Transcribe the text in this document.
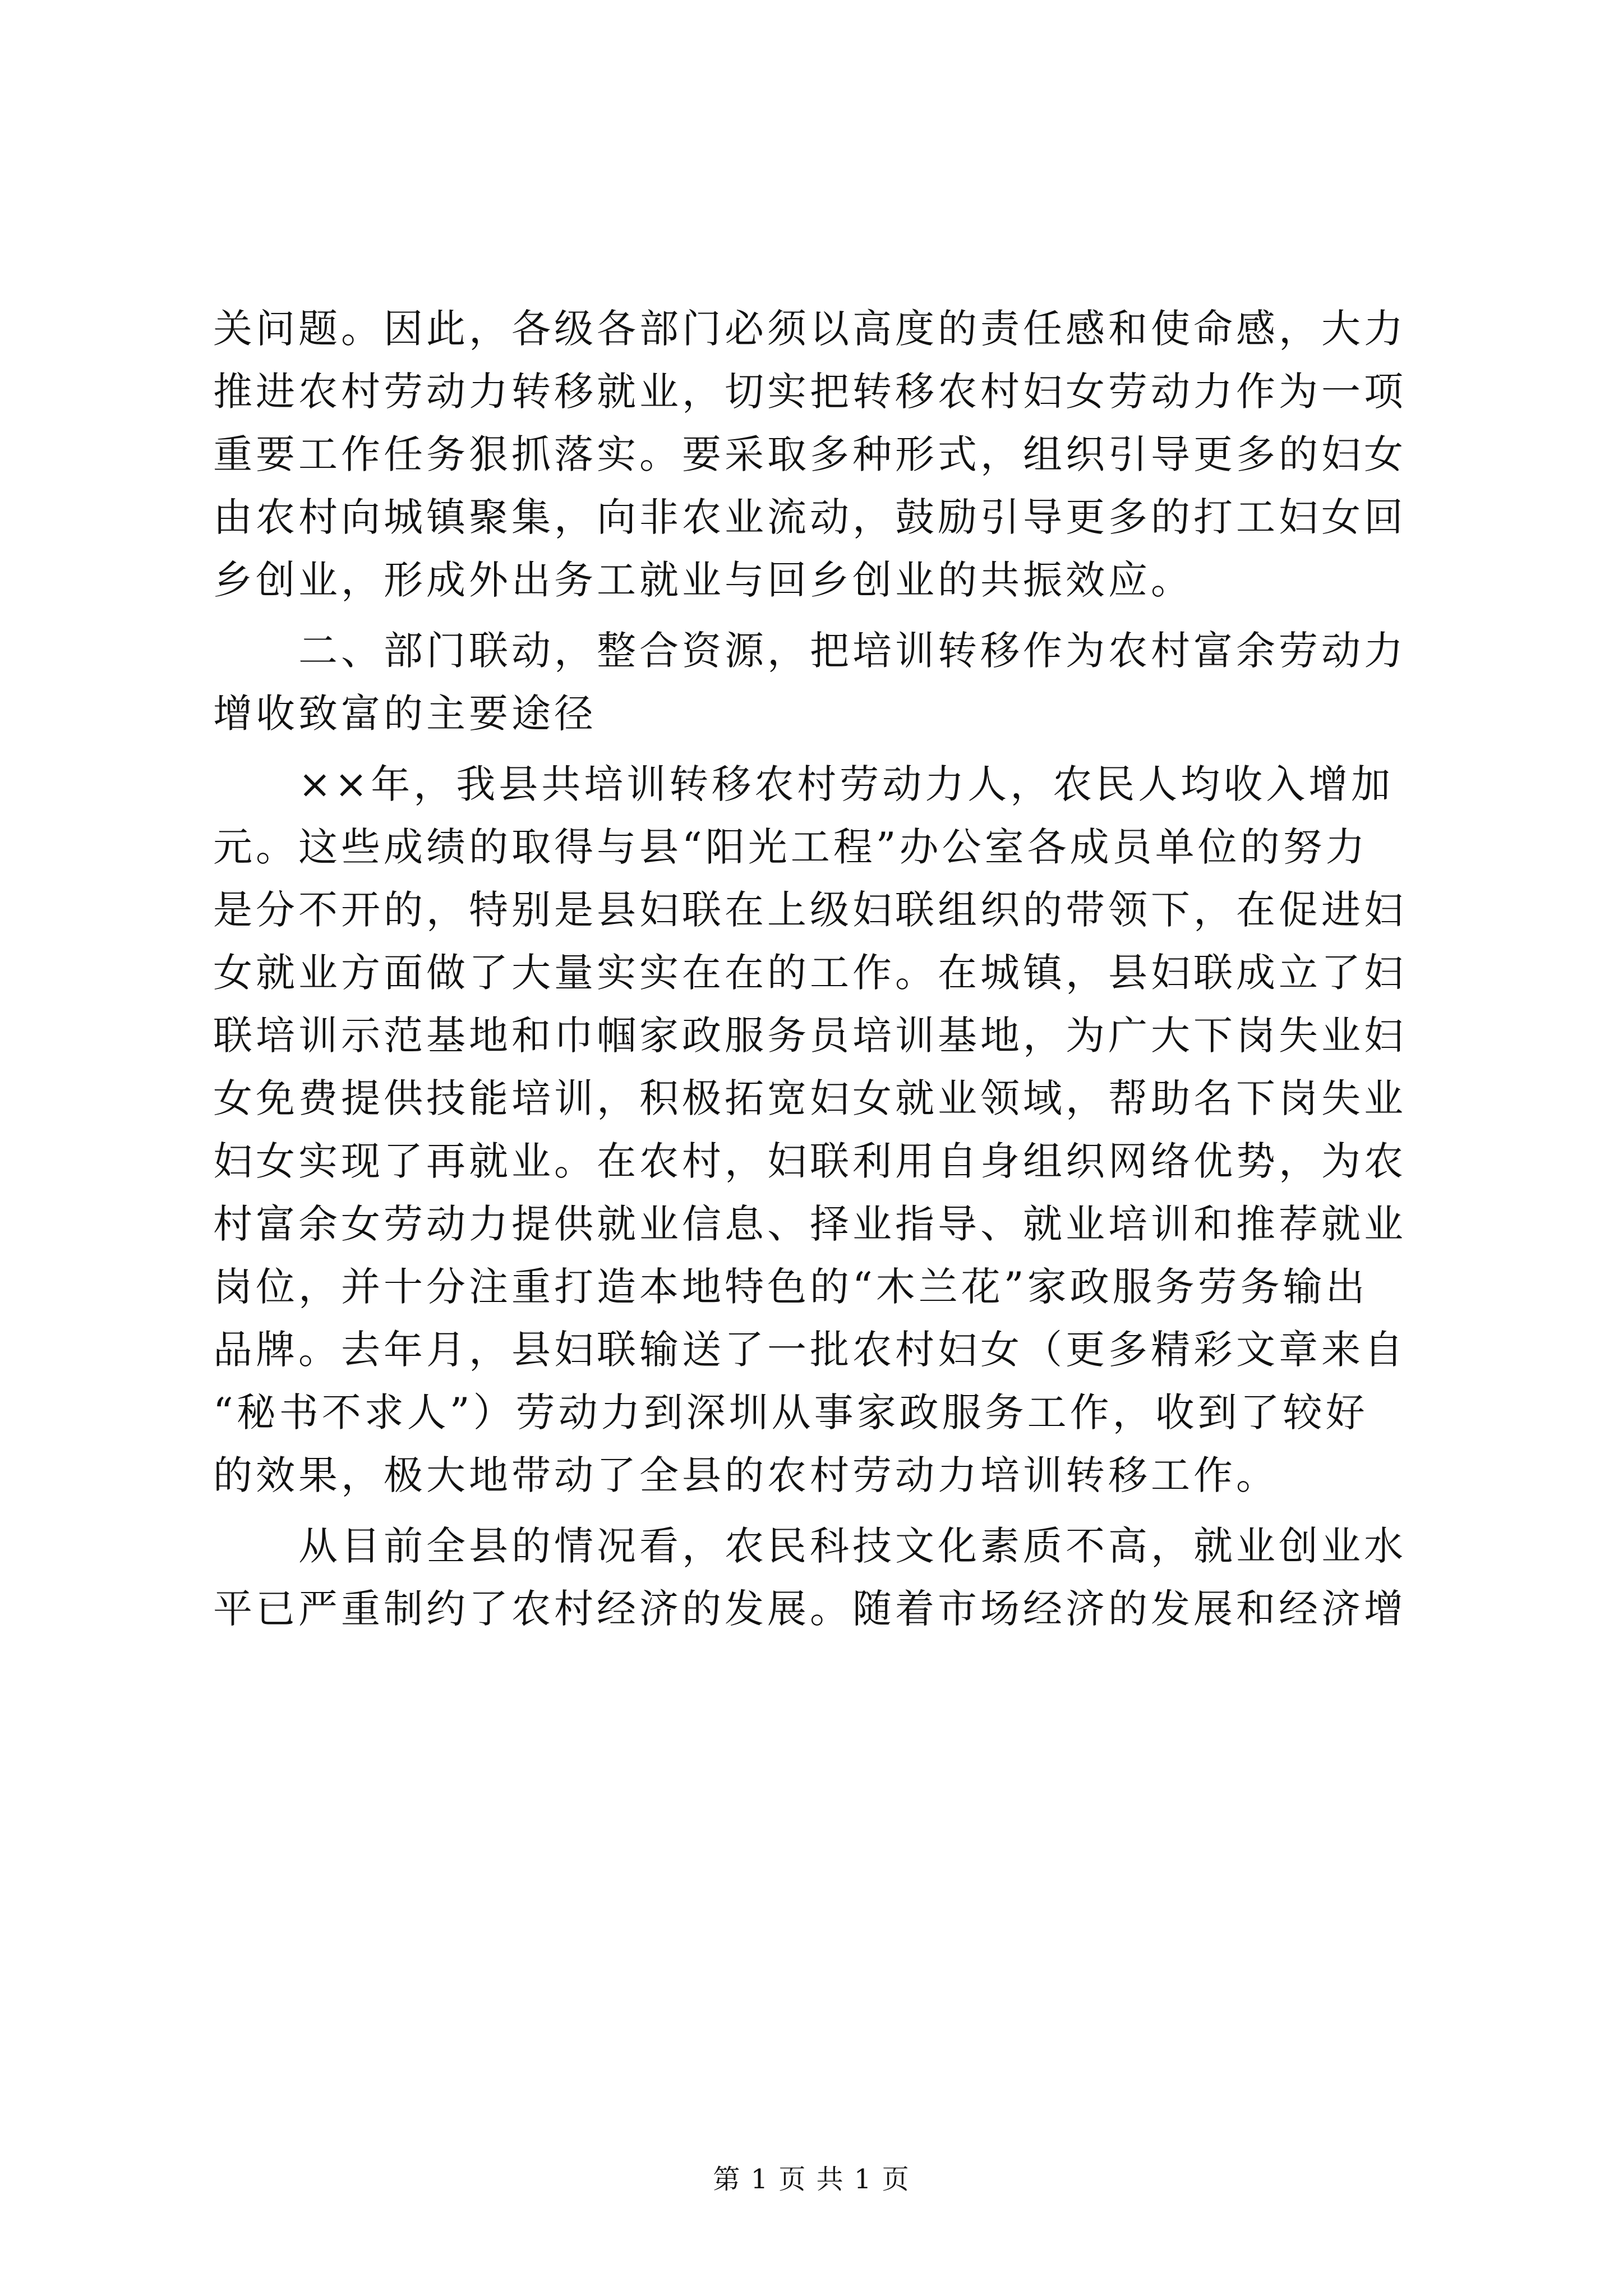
关问题。因此，各级各部门必须以高度的责任感和使命感，大力
推进农村劳动力转移就业，切实把转移农村妇女劳动力作为一项
重要工作任务狠抓落实。要采取多种形式，组织引导更多的妇女
由农村向城镇聚集，向非农业流动，鼓励引导更多的打工妇女回
乡创业，形成外出务工就业与回乡创业的共振效应。
二、部门联动，整合资源，把培训转移作为农村富余劳动力
增收致富的主要途径
××年，我县共培训转移农村劳动力人，农民人均收入增加
元。这些成绩的取得与县“阳光工程”办公室各成员单位的努力
是分不开的，特别是县妇联在上级妇联组织的带领下，在促进妇
女就业方面做了大量实实在在的工作。在城镇，县妇联成立了妇
联培训示范基地和巾帼家政服务员培训基地，为广大下岗失业妇
女免费提供技能培训，积极拓宽妇女就业领域，帮助名下岗失业
妇女实现了再就业。在农村，妇联利用自身组织网络优势，为农
村富余女劳动力提供就业信息、择业指导、就业培训和推荐就业
岗位，并十分注重打造本地特色的“木兰花”家政服务劳务输出
品牌。去年月，县妇联输送了一批农村妇女（更多精彩文章来自
“秘书不求人”）劳动力到深圳从事家政服务工作，收到了较好
的效果，极大地带动了全县的农村劳动力培训转移工作。
从目前全县的情况看，农民科技文化素质不高，就业创业水
平已严重制约了农村经济的发展。随着市场经济的发展和经济增
第 1 页 共 1 页
